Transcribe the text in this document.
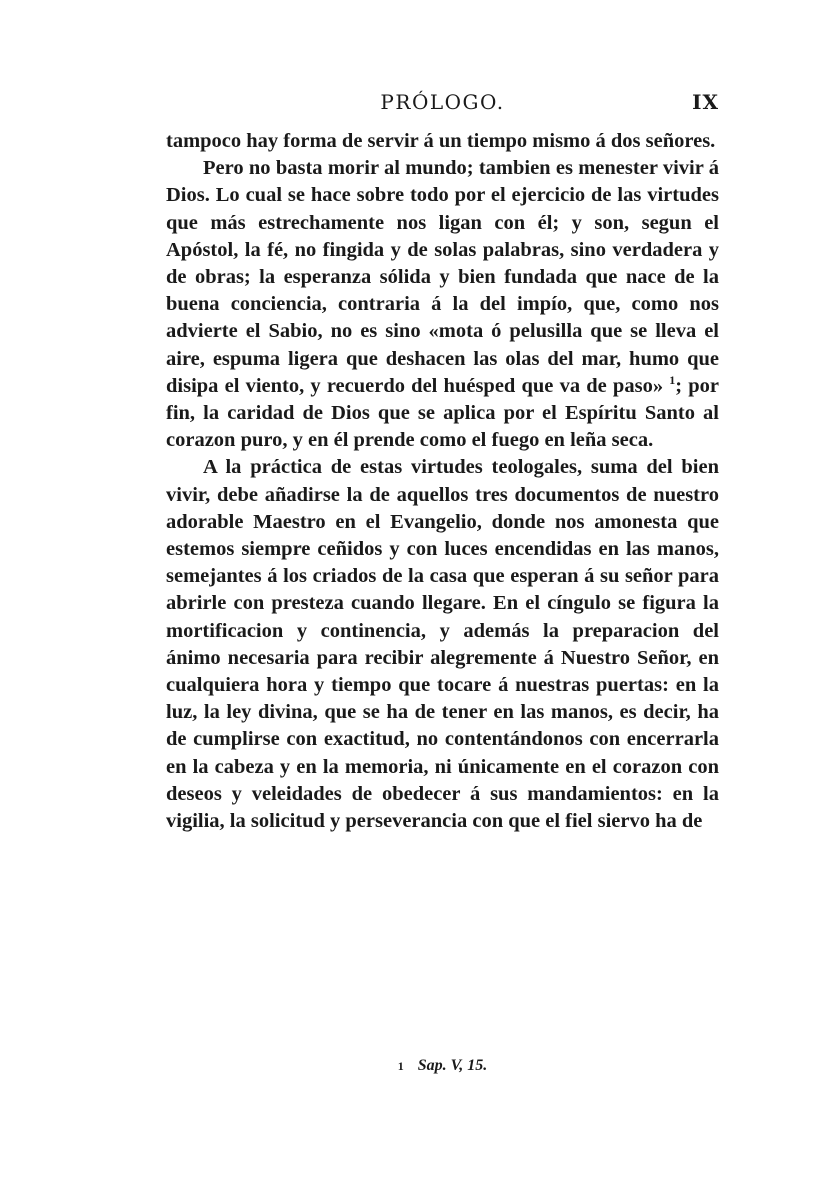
PRÓLOGO.	IX

tampoco hay forma de servir á un tiempo mismo á dos señores.

Pero no basta morir al mundo; tambien es menester vivir á Dios. Lo cual se hace sobre todo por el ejercicio de las virtudes que más estrechamente nos ligan con él; y son, segun el Apóstol, la fé, no fingida y de solas palabras, sino verdadera y de obras; la esperanza sólida y bien fundada que nace de la buena conciencia, contraria á la del impío, que, como nos advierte el Sabio, no es sino «mota ó pelusilla que se lleva el aire, espuma ligera que deshacen las olas del mar, humo que disipa el viento, y recuerdo del huésped que va de paso» $^1$; por fin, la caridad de Dios que se aplica por el Espíritu Santo al corazon puro, y en él prende como el fuego en leña seca.

A la práctica de estas virtudes teologales, suma del bien vivir, debe añadirse la de aquellos tres documentos de nuestro adorable Maestro en el Evangelio, donde nos amonesta que estemos siempre ceñidos y con luces encendidas en las manos, semejantes á los criados de la casa que esperan á su señor para abrirle con presteza cuando llegare. En el cíngulo se figura la mortificacion y continencia, y además la preparacion del ánimo necesaria para recibir alegremente á Nuestro Señor, en cualquiera hora y tiempo que tocare á nuestras puertas: en la luz, la ley divina, que se ha de tener en las manos, es decir, ha de cumplirse con exactitud, no contentándonos con encerrarla en la cabeza y en la memoria, ni únicamente en el corazon con deseos y veleidades de obedecer á sus mandamientos: en la vigilia, la solicitud y perseverancia con que el fiel siervo ha de

1 Sap. V, 15.
